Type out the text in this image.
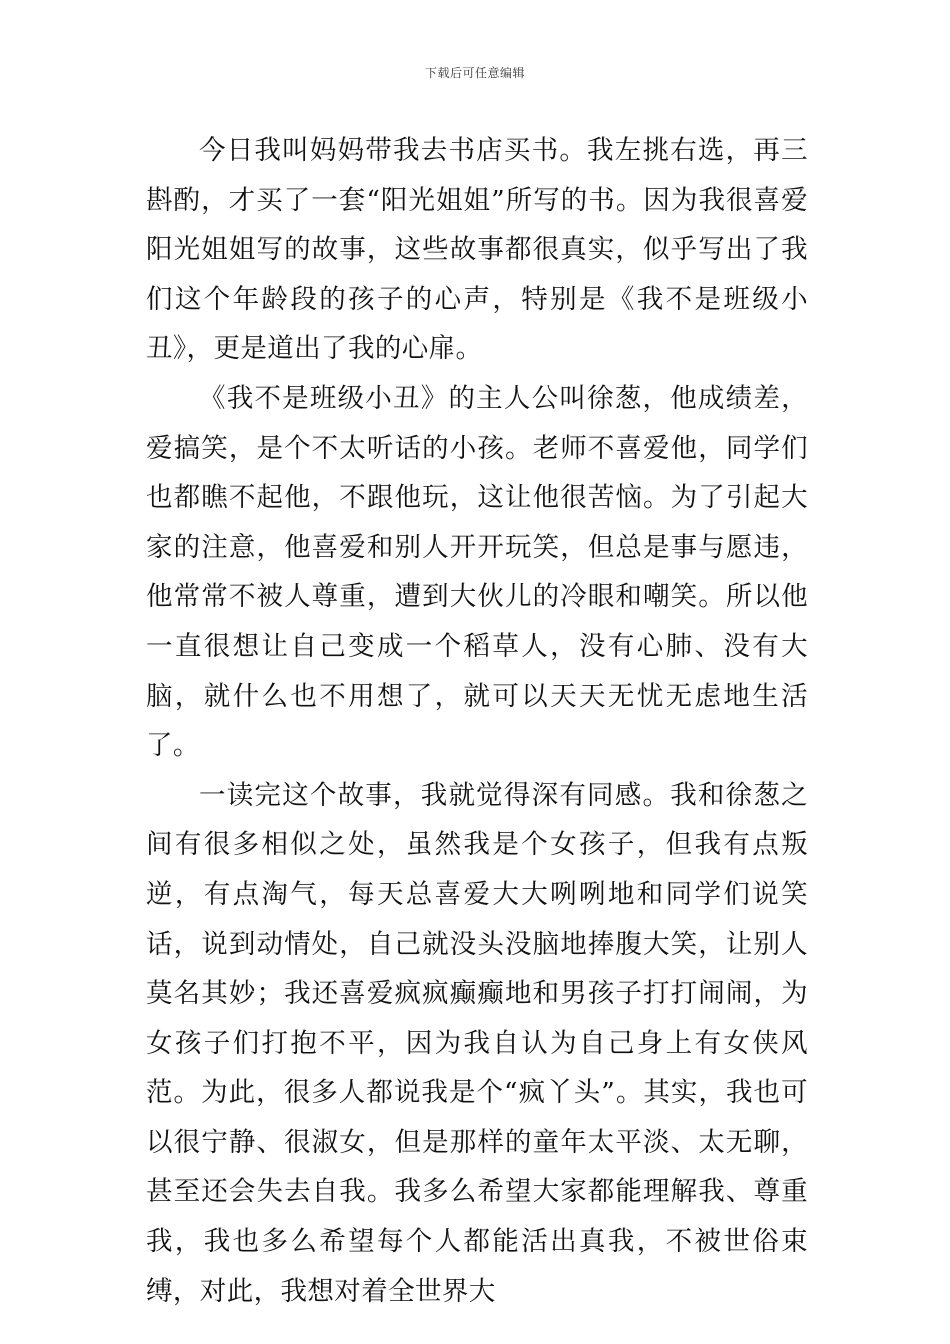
下载后可任意编辑

今日我叫妈妈带我去书店买书。我左挑右选，再三斟酌，才买了一套“阳光姐姐”所写的书。因为我很喜爱阳光姐姐写的故事，这些故事都很真实，似乎写出了我们这个年龄段的孩子的心声，特别是《我不是班级小丑》，更是道出了我的心扉。

《我不是班级小丑》的主人公叫徐葱，他成绩差，爱搞笑，是个不太听话的小孩。老师不喜爱他，同学们也都瞧不起他，不跟他玩，这让他很苦恼。为了引起大家的注意，他喜爱和别人开开玩笑，但总是事与愿违，他常常不被人尊重，遭到大伙儿的冷眼和嘲笑。所以他一直很想让自己变成一个稻草人，没有心肺、没有大脑，就什么也不用想了，就可以天天无忧无虑地生活了。

一读完这个故事，我就觉得深有同感。我和徐葱之间有很多相似之处，虽然我是个女孩子，但我有点叛逆，有点淘气，每天总喜爱大大咧咧地和同学们说笑话，说到动情处，自己就没头没脑地捧腹大笑，让别人莫名其妙；我还喜爱疯疯癫癫地和男孩子打打闹闹，为女孩子们打抱不平，因为我自认为自己身上有女侠风范。为此，很多人都说我是个“疯丫头”。其实，我也可以很宁静、很淑女，但是那样的童年太平淡、太无聊，甚至还会失去自我。我多么希望大家都能理解我、尊重我，我也多么希望每个人都能活出真我，不被世俗束缚，对此，我想对着全世界大
